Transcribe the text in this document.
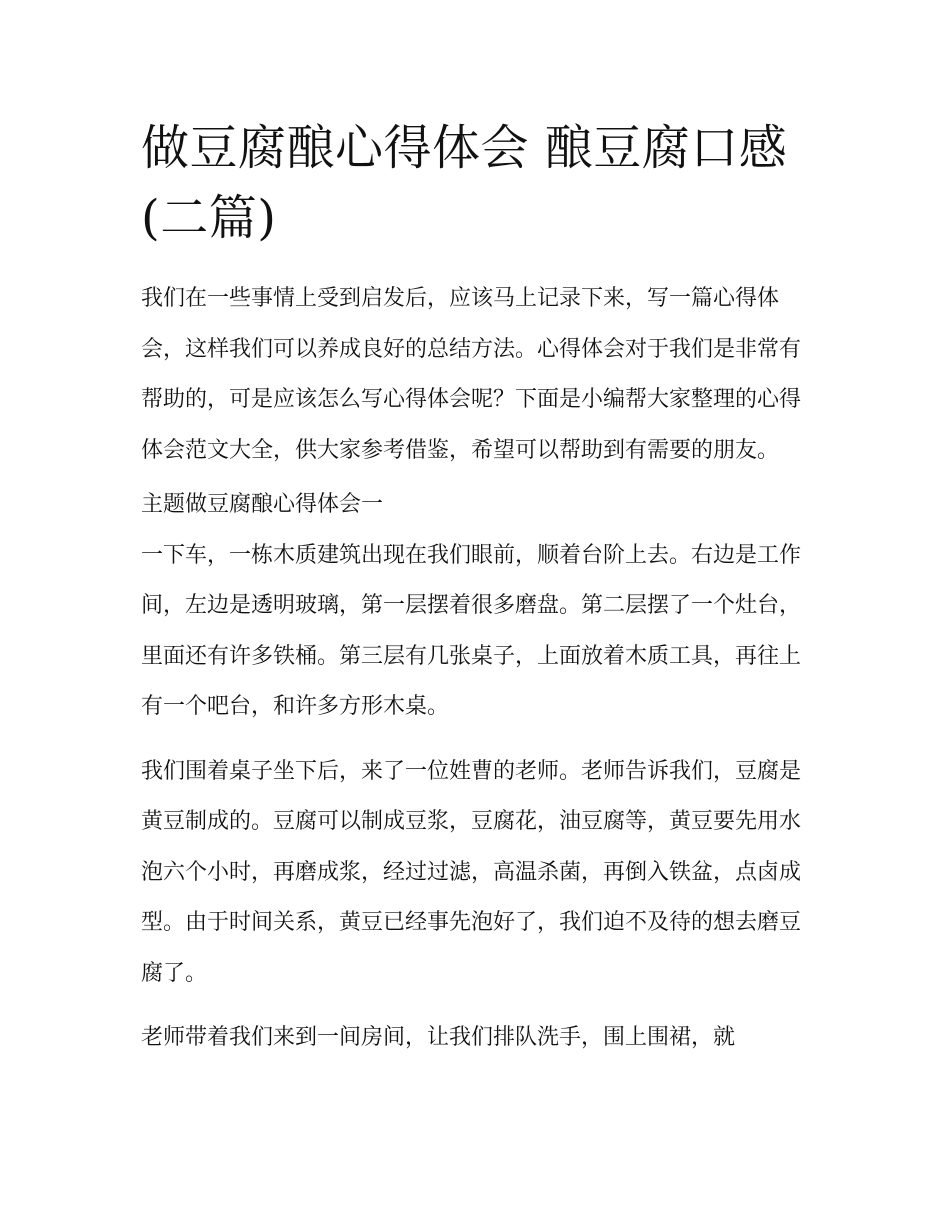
做豆腐酿心得体会 酿豆腐口感(二篇)

我们在一些事情上受到启发后，应该马上记录下来，写一篇心得体会，这样我们可以养成良好的总结方法。心得体会对于我们是非常有帮助的，可是应该怎么写心得体会呢？下面是小编帮大家整理的心得体会范文大全，供大家参考借鉴，希望可以帮助到有需要的朋友。

主题做豆腐酿心得体会一

一下车，一栋木质建筑出现在我们眼前，顺着台阶上去。右边是工作间，左边是透明玻璃，第一层摆着很多磨盘。第二层摆了一个灶台，里面还有许多铁桶。第三层有几张桌子，上面放着木质工具，再往上有一个吧台，和许多方形木桌。

我们围着桌子坐下后，来了一位姓曹的老师。老师告诉我们，豆腐是黄豆制成的。豆腐可以制成豆浆，豆腐花，油豆腐等，黄豆要先用水泡六个小时，再磨成浆，经过过滤，高温杀菌，再倒入铁盆，点卤成型。由于时间关系，黄豆已经事先泡好了，我们迫不及待的想去磨豆腐了。

老师带着我们来到一间房间，让我们排队洗手，围上围裙，就
